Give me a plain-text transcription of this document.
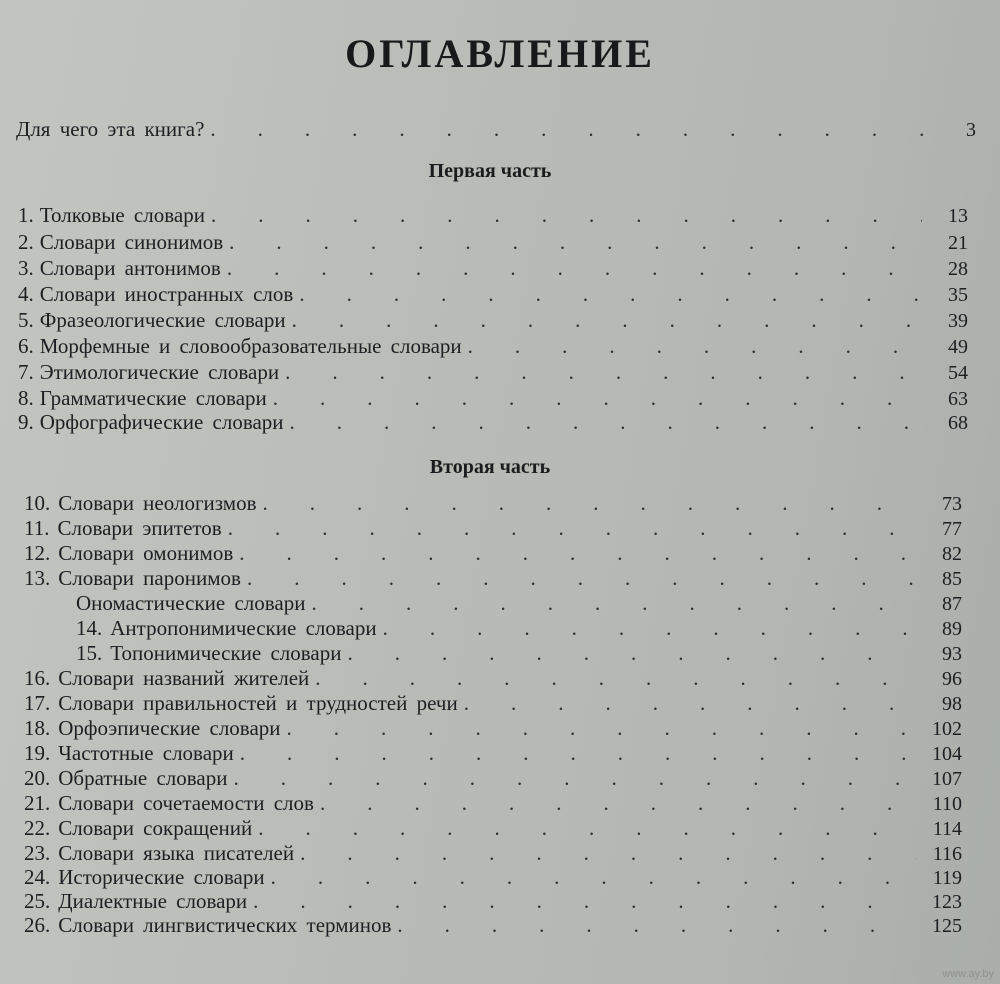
ОГЛАВЛЕНИЕ
Для чего эта книга? .  . 	3
Первая часть
1. Толковые словари .  . 	13
2. Словари синонимов .  . 	21
3. Словари антонимов .  . 	28
4. Словари иностранных слов .  . 	35
5. Фразеологические словари .  . 	39
6. Морфемные и словообразовательные словари .  . 	49
7. Этимологические словари .  . 	54
8. Грамматические словари .  . 	63
9. Орфографические словари .  . 	68
Вторая часть
10. Словари неологизмов .  . 	73
11. Словари эпитетов .  . 	77
12. Словари омонимов .  . 	82
13. Словари паронимов .  . 	85
Ономастические словари .  . 	87
14. Антропонимические словари .  . 	89
15. Топонимические словари .  . 	93
16. Словари названий жителей .  . 	96
17. Словари правильностей и трудностей речи .  . 	98
18. Орфоэпические словари .  . 	102
19. Частотные словари .  . 	104
20. Обратные словари .  . 	107
21. Словари сочетаемости слов .  . 	110
22. Словари сокращений .  . 	114
23. Словари языка писателей .  . 	116
24. Исторические словари .  . 	119
25. Диалектные словари .  . 	123
26. Словари лингвистических терминов .  . 	125
www.ay.by
